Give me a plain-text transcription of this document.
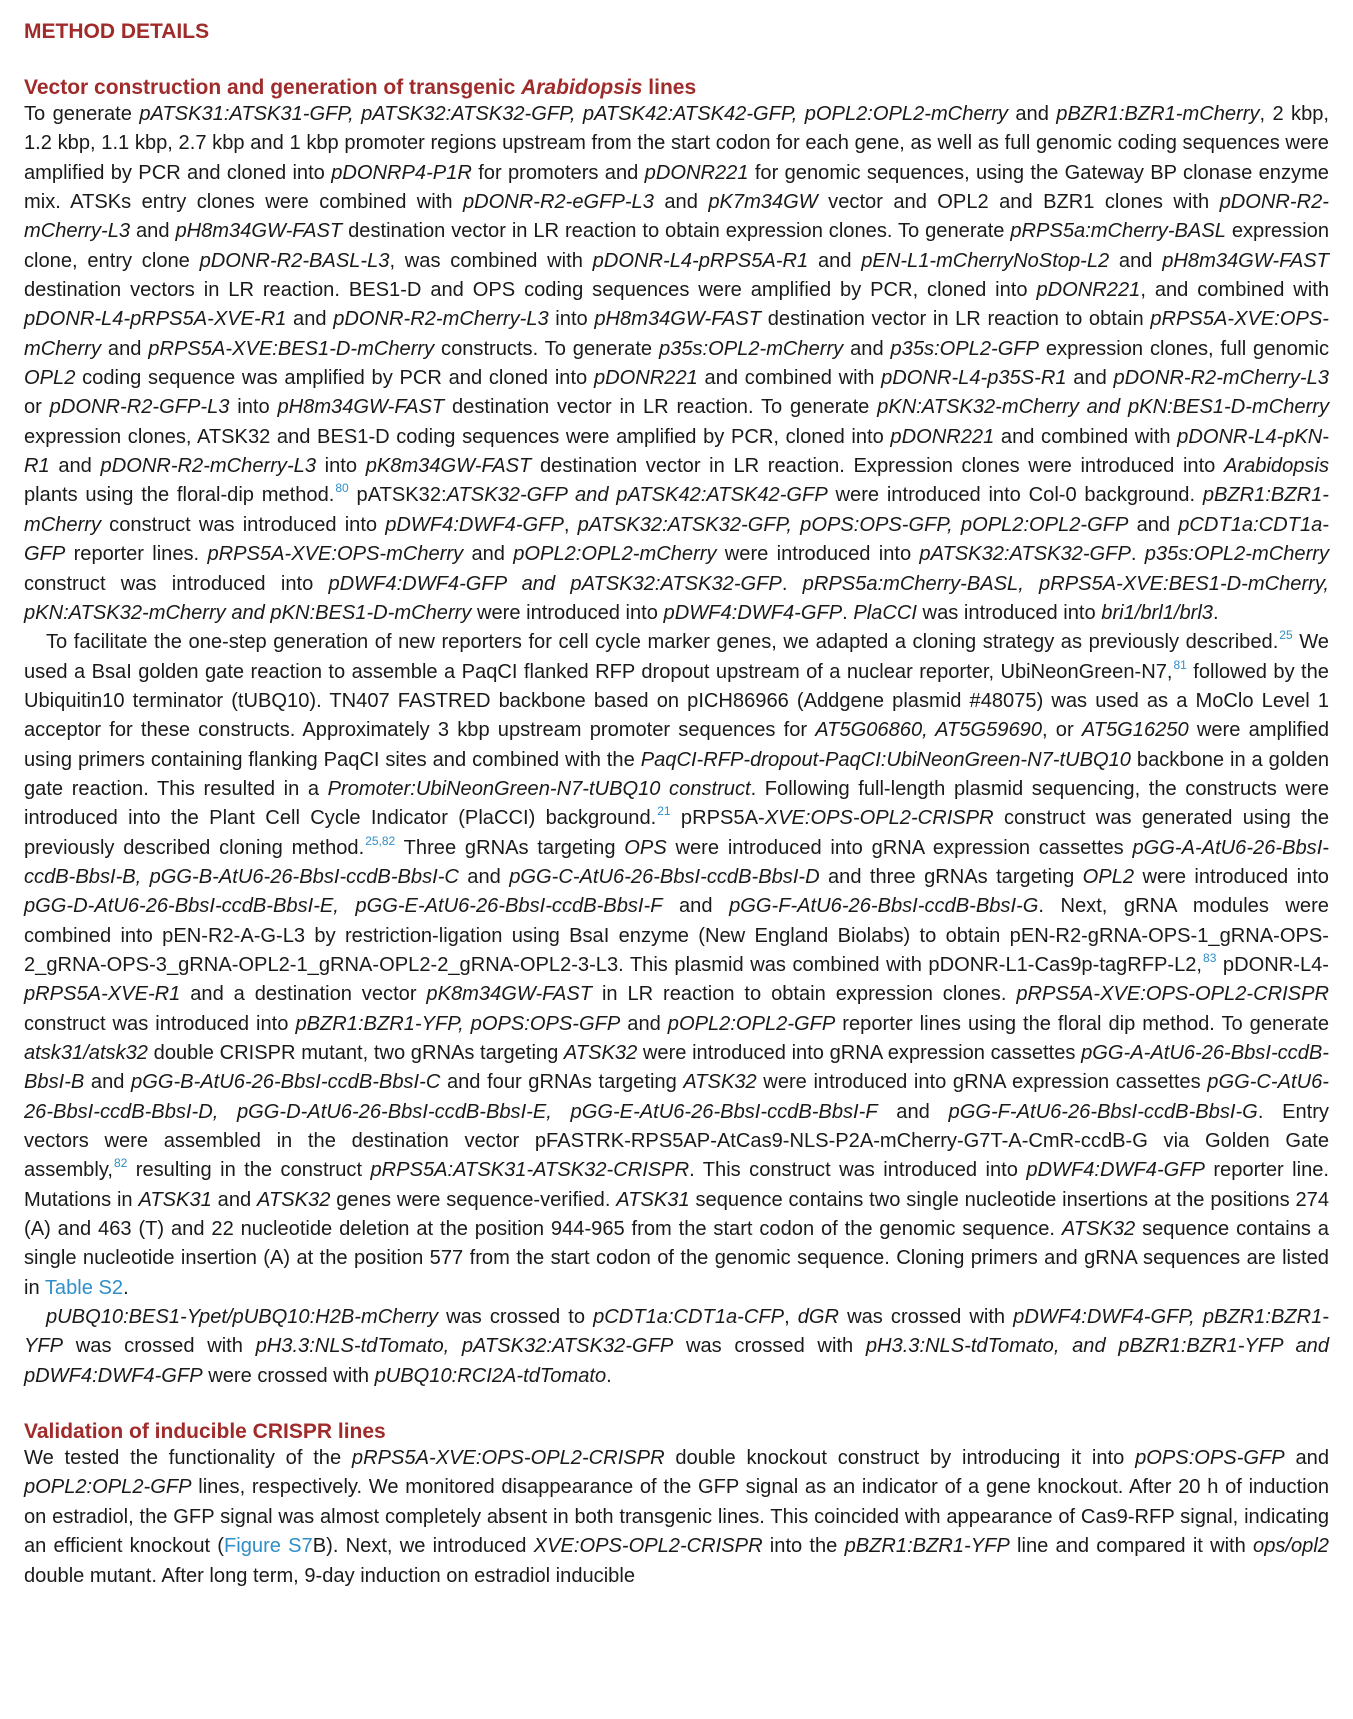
METHOD DETAILS
Vector construction and generation of transgenic Arabidopsis lines

To generate pATSK31:ATSK31-GFP, pATSK32:ATSK32-GFP, pATSK42:ATSK42-GFP, pOPL2:OPL2-mCherry and pBZR1:BZR1-mCherry, 2 kbp, 1.2 kbp, 1.1 kbp, 2.7 kbp and 1 kbp promoter regions upstream from the start codon for each gene, as well as full genomic coding sequences were amplified by PCR and cloned into pDONRP4-P1R for promoters and pDONR221 for genomic sequences, using the Gateway BP clonase enzyme mix. ATSKs entry clones were combined with pDONR-R2-eGFP-L3 and pK7m34GW vector and OPL2 and BZR1 clones with pDONR-R2-mCherry-L3 and pH8m34GW-FAST destination vector in LR reaction to obtain expression clones. To generate pRPS5a:mCherry-BASL expression clone, entry clone pDONR-R2-BASL-L3, was combined with pDONR-L4-pRPS5A-R1 and pEN-L1-mCherryNoStop-L2 and pH8m34GW-FAST destination vectors in LR reaction. BES1-D and OPS coding sequences were amplified by PCR, cloned into pDONR221, and combined with pDONR-L4-pRPS5A-XVE-R1 and pDONR-R2-mCherry-L3 into pH8m34GW-FAST destination vector in LR reaction to obtain pRPS5A-XVE:OPS-mCherry and pRPS5A-XVE:BES1-D-mCherry constructs. To generate p35s:OPL2-mCherry and p35s:OPL2-GFP expression clones, full genomic OPL2 coding sequence was amplified by PCR and cloned into pDONR221 and combined with pDONR-L4-p35S-R1 and pDONR-R2-mCherry-L3 or pDONR-R2-GFP-L3 into pH8m34GW-FAST destination vector in LR reaction. To generate pKN:ATSK32-mCherry and pKN:BES1-D-mCherry expression clones, ATSK32 and BES1-D coding sequences were amplified by PCR, cloned into pDONR221 and combined with pDONR-L4-pKN-R1 and pDONR-R2-mCherry-L3 into pK8m34GW-FAST destination vector in LR reaction. Expression clones were introduced into Arabidopsis plants using the floral-dip method.$^{80}$ pATSK32:ATSK32-GFP and pATSK42:ATSK42-GFP were introduced into Col-0 background. pBZR1:BZR1-mCherry construct was introduced into pDWF4:DWF4-GFP, pATSK32:ATSK32-GFP, pOPS:OPS-GFP, pOPL2:OPL2-GFP and pCDT1a:CDT1a-GFP reporter lines. pRPS5A-XVE:OPS-mCherry and pOPL2:OPL2-mCherry were introduced into pATSK32:ATSK32-GFP. p35s:OPL2-mCherry construct was introduced into pDWF4:DWF4-GFP and pATSK32:ATSK32-GFP. pRPS5a:mCherry-BASL, pRPS5A-XVE:BES1-D-mCherry, pKN:ATSK32-mCherry and pKN:BES1-D-mCherry were introduced into pDWF4:DWF4-GFP. PlaCCI was introduced into bri1/brl1/brl3.

To facilitate the one-step generation of new reporters for cell cycle marker genes, we adapted a cloning strategy as previously described.$^{25}$ We used a BsaI golden gate reaction to assemble a PaqCI flanked RFP dropout upstream of a nuclear reporter, UbiNeonGreen-N7,81 followed by the Ubiquitin10 terminator (tUBQ10). TN407 FASTRED backbone based on pICH86966 (Addgene plasmid #48075) was used as a MoClo Level 1 acceptor for these constructs. Approximately 3 kbp upstream promoter sequences for AT5G06860, AT5G59690, or AT5G16250 were amplified using primers containing flanking PaqCI sites and combined with the PaqCI-RFP-dropout-PaqCI:UbiNeonGreen-N7-tUBQ10 backbone in a golden gate reaction. This resulted in a Promoter:UbiNeonGreen-N7-tUBQ10 construct. Following full-length plasmid sequencing, the constructs were introduced into the Plant Cell Cycle Indicator (PlaCCI) background.$^{21}$ pRPS5A-XVE:OPS-OPL2-CRISPR construct was generated using the previously described cloning method.$^{25,82}$ Three gRNAs targeting OPS were introduced into gRNA expression cassettes pGG-A-AtU6-26-BbsI-ccdB-BbsI-B, pGG-B-AtU6-26-BbsI-ccdB-BbsI-C and pGG-C-AtU6-26-BbsI-ccdB-BbsI-D and three gRNAs targeting OPL2 were introduced into pGG-D-AtU6-26-BbsI-ccdB-BbsI-E, pGG-E-AtU6-26-BbsI-ccdB-BbsI-F and pGG-F-AtU6-26-BbsI-ccdB-BbsI-G. Next, gRNA modules were combined into pEN-R2-A-G-L3 by restriction-ligation using BsaI enzyme (New England Biolabs) to obtain pEN-R2-gRNA-OPS-1_gRNA-OPS-2_gRNA-OPS-3_gRNA-OPL2-1_gRNA-OPL2-2_gRNA-OPL2-3-L3. This plasmid was combined with pDONR-L1-Cas9p-tagRFP-L2,83 pDONR-L4-pRPS5A-XVE-R1 and a destination vector pK8m34GW-FAST in LR reaction to obtain expression clones. pRPS5A-XVE:OPS-OPL2-CRISPR construct was introduced into pBZR1:BZR1-YFP, pOPS:OPS-GFP and pOPL2:OPL2-GFP reporter lines using the floral dip method. To generate atsk31/atsk32 double CRISPR mutant, two gRNAs targeting ATSK32 were introduced into gRNA expression cassettes pGG-A-AtU6-26-BbsI-ccdB-BbsI-B and pGG-B-AtU6-26-BbsI-ccdB-BbsI-C and four gRNAs targeting ATSK32 were introduced into gRNA expression cassettes pGG-C-AtU6-26-BbsI-ccdB-BbsI-D, pGG-D-AtU6-26-BbsI-ccdB-BbsI-E, pGG-E-AtU6-26-BbsI-ccdB-BbsI-F and pGG-F-AtU6-26-BbsI-ccdB-BbsI-G. Entry vectors were assembled in the destination vector pFASTRK-RPS5AP-AtCas9-NLS-P2A-mCherry-G7T-A-CmR-ccdB-G via Golden Gate assembly,$^{82}$ resulting in the construct pRPS5A:ATSK31-ATSK32-CRISPR. This construct was introduced into pDWF4:DWF4-GFP reporter line. Mutations in ATSK31 and ATSK32 genes were sequence-verified. ATSK31 sequence contains two single nucleotide insertions at the positions 274 (A) and 463 (T) and 22 nucleotide deletion at the position 944-965 from the start codon of the genomic sequence. ATSK32 sequence contains a single nucleotide insertion (A) at the position 577 from the start codon of the genomic sequence. Cloning primers and gRNA sequences are listed in Table S2.

pUBQ10:BES1-Ypet/pUBQ10:H2B-mCherry was crossed to pCDT1a:CDT1a-CFP, dGR was crossed with pDWF4:DWF4-GFP, pBZR1:BZR1-YFP was crossed with pH3.3:NLS-tdTomato, pATSK32:ATSK32-GFP was crossed with pH3.3:NLS-tdTomato, and pBZR1:BZR1-YFP and pDWF4:DWF4-GFP were crossed with pUBQ10:RCI2A-tdTomato.

Validation of inducible CRISPR lines

We tested the functionality of the pRPS5A-XVE:OPS-OPL2-CRISPR double knockout construct by introducing it into pOPS:OPS-GFP and pOPL2:OPL2-GFP lines, respectively. We monitored disappearance of the GFP signal as an indicator of a gene knockout. After 20 h of induction on estradiol, the GFP signal was almost completely absent in both transgenic lines. This coincided with appearance of Cas9-RFP signal, indicating an efficient knockout (Figure S7B). Next, we introduced XVE:OPS-OPL2-CRISPR into the pBZR1:BZR1-YFP line and compared it with ops/opl2 double mutant. After long term, 9-day induction on estradiol inducible
